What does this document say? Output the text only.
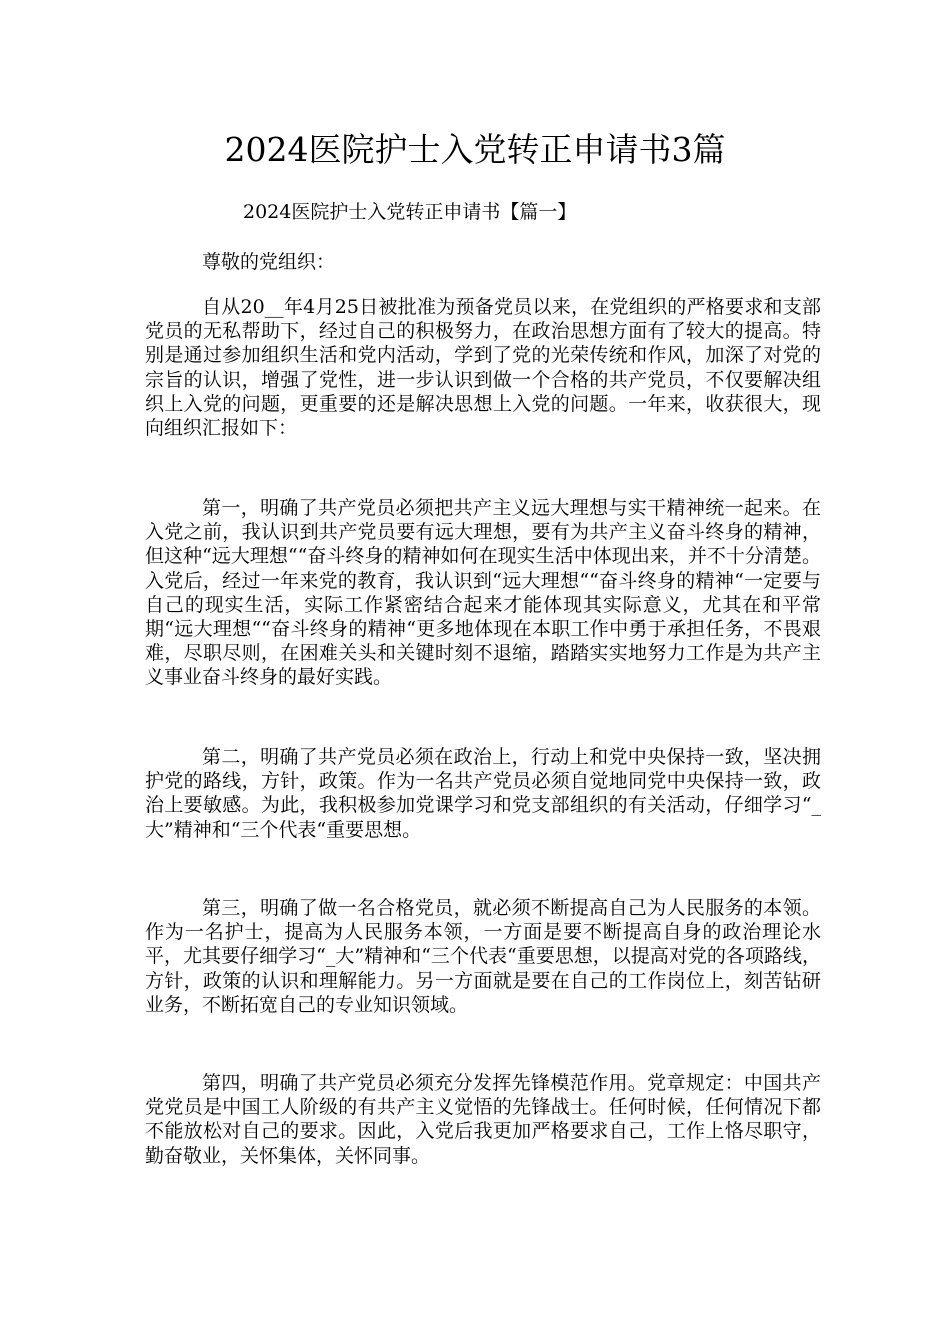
2024医院护士入党转正申请书3篇

2024医院护士入党转正申请书【篇一】

尊敬的党组织：

自从20__年4月25日被批准为预备党员以来，在党组织的严格要求和支部党员的无私帮助下，经过自己的积极努力，在政治思想方面有了较大的提高。特别是通过参加组织生活和党内活动，学到了党的光荣传统和作风，加深了对党的宗旨的认识，增强了党性，进一步认识到做一个合格的共产党员，不仅要解决组织上入党的问题，更重要的还是解决思想上入党的问题。一年来，收获很大，现向组织汇报如下：

第一，明确了共产党员必须把共产主义远大理想与实干精神统一起来。在入党之前，我认识到共产党员要有远大理想，要有为共产主义奋斗终身的精神，但这种“远大理想““奋斗终身的精神如何在现实生活中体现出来，并不十分清楚。入党后，经过一年来党的教育，我认识到“远大理想““奋斗终身的精神“一定要与自己的现实生活，实际工作紧密结合起来才能体现其实际意义，尤其在和平常期“远大理想““奋斗终身的精神“更多地体现在本职工作中勇于承担任务，不畏艰难，尽职尽则，在困难关头和关键时刻不退缩，踏踏实实地努力工作是为共产主义事业奋斗终身的最好实践。

第二，明确了共产党员必须在政治上，行动上和党中央保持一致，坚决拥护党的路线，方针，政策。作为一名共产党员必须自觉地同党中央保持一致，政治上要敏感。为此，我积极参加党课学习和党支部组织的有关活动，仔细学习“_大”精神和“三个代表“重要思想。

第三，明确了做一名合格党员，就必须不断提高自己为人民服务的本领。作为一名护士，提高为人民服务本领，一方面是要不断提高自身的政治理论水平，尤其要仔细学习“_大”精神和“三个代表“重要思想，以提高对党的各项路线，方针，政策的认识和理解能力。另一方面就是要在自己的工作岗位上，刻苦钻研业务，不断拓宽自己的专业知识领域。

第四，明确了共产党员必须充分发挥先锋模范作用。党章规定：中国共产党党员是中国工人阶级的有共产主义觉悟的先锋战士。任何时候，任何情况下都不能放松对自己的要求。因此，入党后我更加严格要求自己，工作上恪尽职守，勤奋敬业，关怀集体，关怀同事。
